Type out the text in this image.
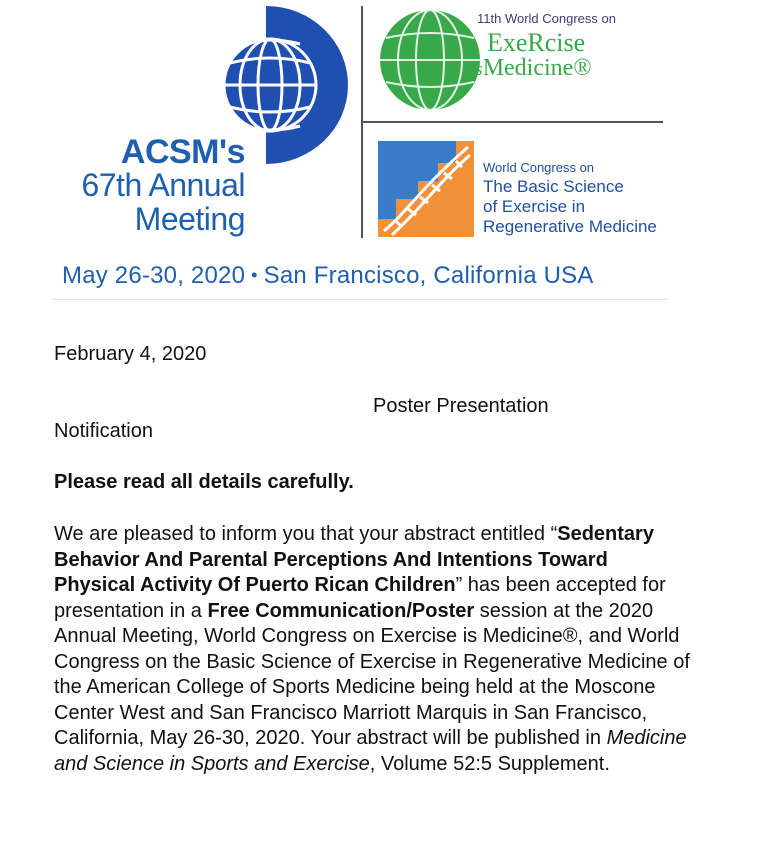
ACSM's
67th Annual
Meeting
11th World Congress on
ExeRcise
isMedicine®
World Congress on
The Basic Science
of Exercise in
Regenerative Medicine
May 26-30, 2020 • San Francisco, California USA
February 4, 2020
Poster Presentation
Notification
Please read all details carefully.
We are pleased to inform you that your abstract entitled “Sedentary Behavior And Parental Perceptions And Intentions Toward Physical Activity Of Puerto Rican Children” has been accepted for presentation in a Free Communication/Poster session at the 2020 Annual Meeting, World Congress on Exercise is Medicine®, and World Congress on the Basic Science of Exercise in Regenerative Medicine of the American College of Sports Medicine being held at the Moscone Center West and San Francisco Marriott Marquis in San Francisco, California, May 26-30, 2020. Your abstract will be published in Medicine and Science in Sports and Exercise, Volume 52:5 Supplement.
